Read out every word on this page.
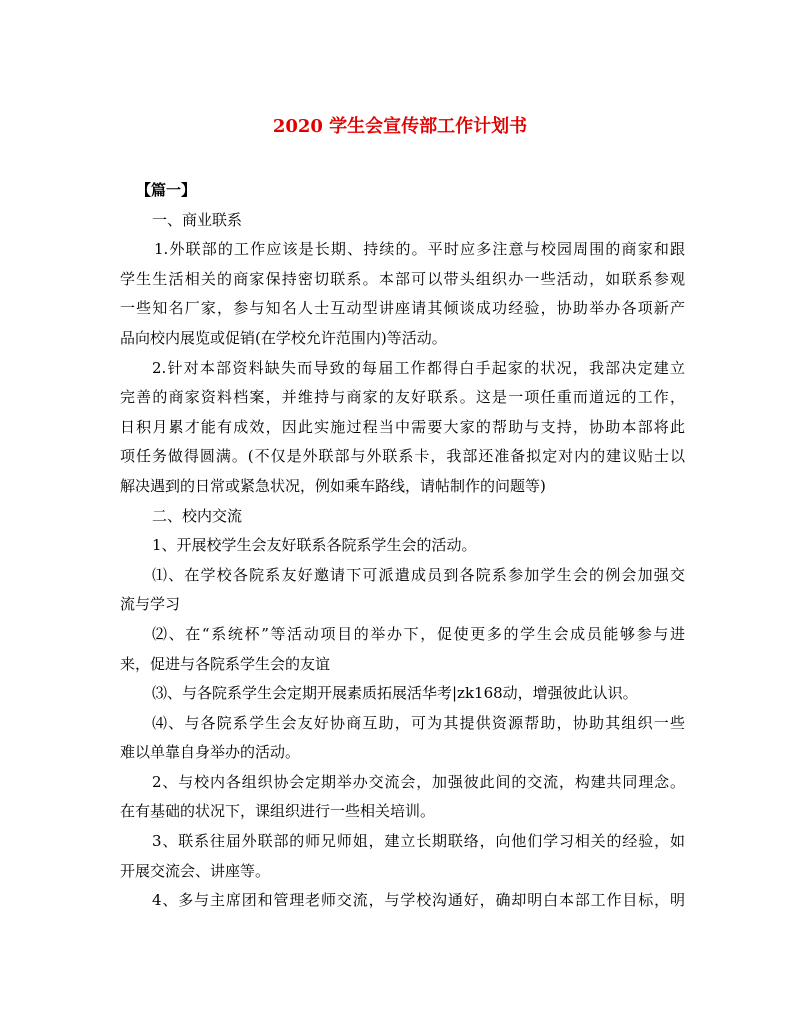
2020 学生会宣传部工作计划书
【篇一】
一、商业联系
1.外联部的工作应该是长期、持续的。平时应多注意与校园周围的商家和跟
学生生活相关的商家保持密切联系。本部可以带头组织办一些活动，如联系参观
一些知名厂家，参与知名人士互动型讲座请其倾谈成功经验，协助举办各项新产
品向校内展览或促销(在学校允许范围内)等活动。
2.针对本部资料缺失而导致的每届工作都得白手起家的状况，我部决定建立
完善的商家资料档案，并维持与商家的友好联系。这是一项任重而道远的工作，
日积月累才能有成效，因此实施过程当中需要大家的帮助与支持，协助本部将此
项任务做得圆满。(不仅是外联部与外联系卡，我部还准备拟定对内的建议贴士以
解决遇到的日常或紧急状况，例如乘车路线，请帖制作的问题等)
二、校内交流
1、开展校学生会友好联系各院系学生会的活动。
⑴、在学校各院系友好邀请下可派遣成员到各院系参加学生会的例会加强交
流与学习
⑵、在“系统杯”等活动项目的举办下，促使更多的学生会成员能够参与进
来，促进与各院系学生会的友谊
⑶、与各院系学生会定期开展素质拓展活华考|zk168动，增强彼此认识。
⑷、与各院系学生会友好协商互助，可为其提供资源帮助，协助其组织一些
难以单靠自身举办的活动。
2、与校内各组织协会定期举办交流会，加强彼此间的交流，构建共同理念。
在有基础的状况下，课组织进行一些相关培训。
3、联系往届外联部的师兄师姐，建立长期联络，向他们学习相关的经验，如
开展交流会、讲座等。
4、多与主席团和管理老师交流，与学校沟通好，确却明白本部工作目标，明
